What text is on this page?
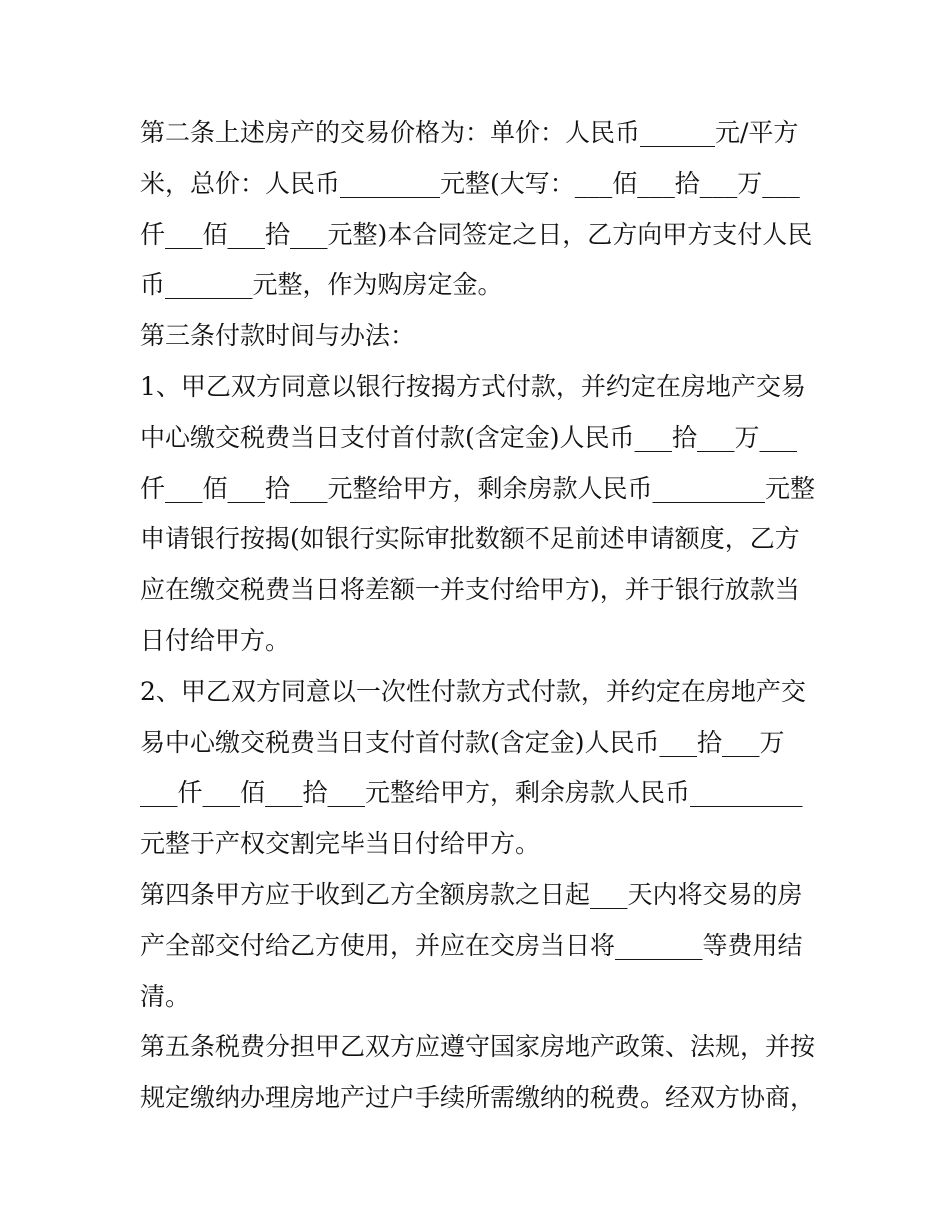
第二条上述房产的交易价格为：单价：人民币______元/平方
米，总价：人民币________元整(大写：___佰___拾___万___
仟___佰___拾___元整)本合同签定之日，乙方向甲方支付人民
币_______元整，作为购房定金。
第三条付款时间与办法：
1、甲乙双方同意以银行按揭方式付款，并约定在房地产交易
中心缴交税费当日支付首付款(含定金)人民币___拾___万___
仟___佰___拾___元整给甲方，剩余房款人民币_________元整
申请银行按揭(如银行实际审批数额不足前述申请额度，乙方
应在缴交税费当日将差额一并支付给甲方)，并于银行放款当
日付给甲方。
2、甲乙双方同意以一次性付款方式付款，并约定在房地产交
易中心缴交税费当日支付首付款(含定金)人民币___拾___万
___仟___佰___拾___元整给甲方，剩余房款人民币_________
元整于产权交割完毕当日付给甲方。
第四条甲方应于收到乙方全额房款之日起___天内将交易的房
产全部交付给乙方使用，并应在交房当日将_______等费用结
清。
第五条税费分担甲乙双方应遵守国家房地产政策、法规，并按
规定缴纳办理房地产过户手续所需缴纳的税费。经双方协商，
